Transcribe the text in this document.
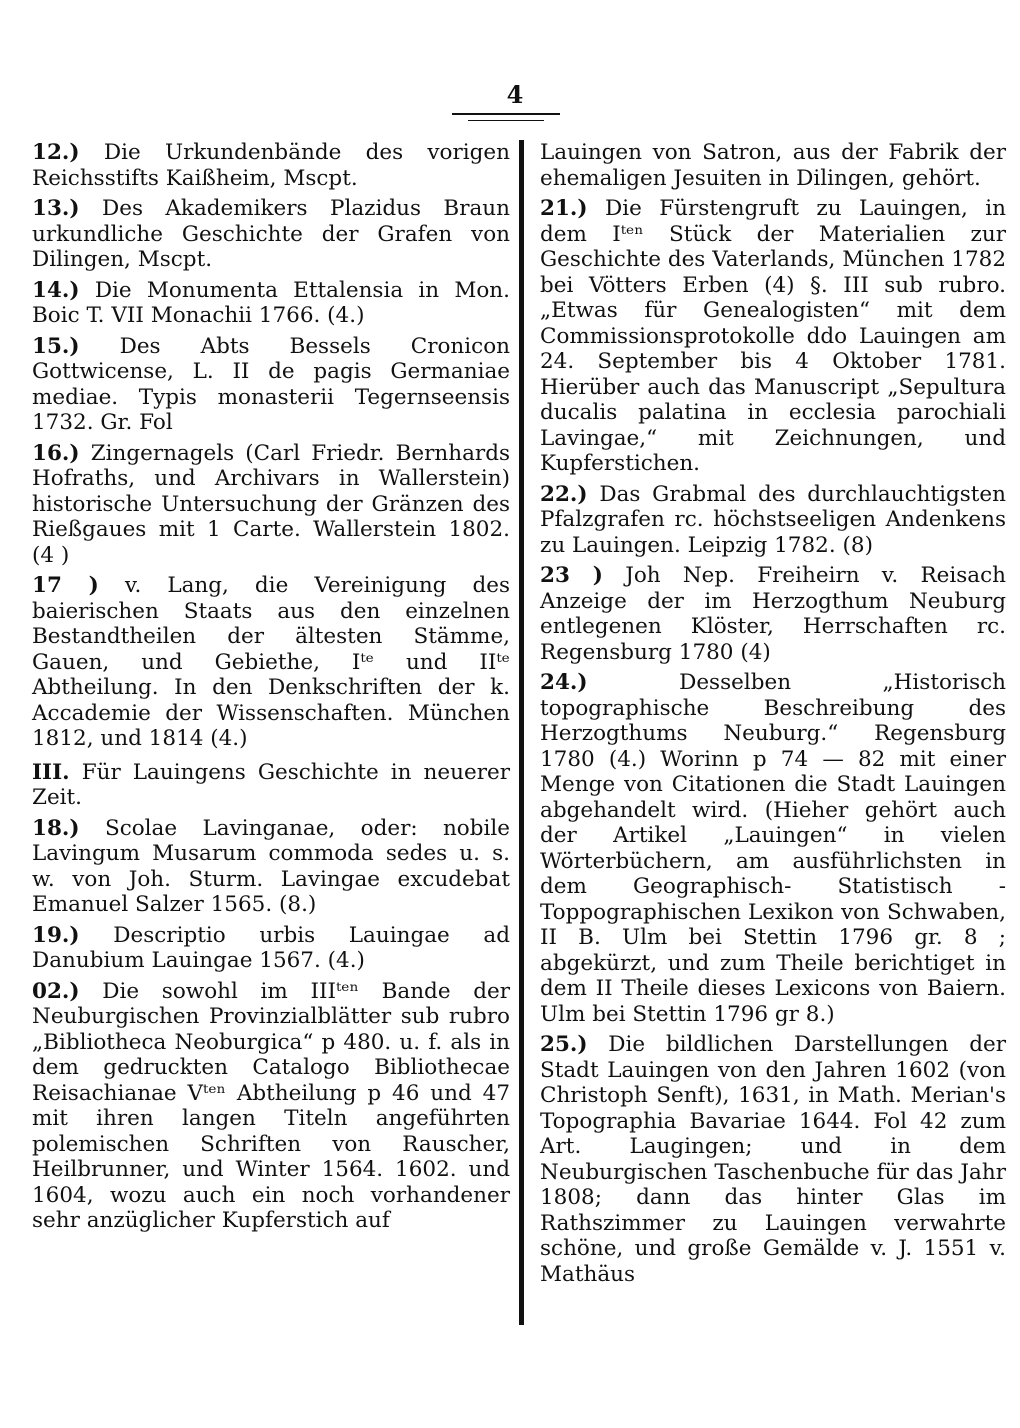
4

12.) Die Urkundenbände des vorigen Reichsstifts Kaißheim, Mscpt.

13.) Des Akademikers Plazidus Braun urkundliche Geschichte der Grafen von Dilingen, Mscpt.

14.) Die Monumenta Ettalensia in Mon. Boic T. VII Monachii 1766. (4.)

15.) Des Abts Bessels Cronicon Gottwicense, L. II de pagis Germaniae mediae. Typis monasterii Tegernseensis 1732. Gr. Fol

16.) Zingernagels (Carl Friedr. Bernhards Hofraths, und Archivars in Wallerstein) historische Untersuchung der Gränzen des Rießgaues mit 1 Carte. Wallerstein 1802. (4 )

17 ) v. Lang, die Vereinigung des baierischen Staats aus den einzelnen Bestandtheilen der ältesten Stämme, Gauen, und Gebiethe, Iᵗᵉ und IIᵗᵉ Abtheilung. In den Denkschriften der k. Accademie der Wissenschaften. München 1812, und 1814 (4.)

III. Für Lauingens Geschichte in neuerer Zeit.

18.) Scolae Lavinganae, oder: nobile Lavingum Musarum commoda sedes u. s. w. von Joh. Sturm. Lavingae excudebat Emanuel Salzer 1565. (8.)

19.) Descriptio urbis Lauingae ad Danubium Lauingae 1567. (4.)

02.) Die sowohl im IIIᵗᵉⁿ Bande der Neuburgischen Provinzialblätter sub rubro „Bibliotheca Neoburgica“ p 480. u. f. als in dem gedruckten Catalogo Bibliothecae Reisachianae Vᵗᵉⁿ Abtheilung p 46 und 47 mit ihren langen Titeln angeführten polemischen Schriften von Rauscher, Heilbrunner, und Winter 1564. 1602. und 1604, wozu auch ein noch vorhandener sehr anzüglicher Kupferstich auf

Lauingen von Satron, aus der Fabrik der ehemaligen Jesuiten in Dilingen, gehört.

21.) Die Fürstengruft zu Lauingen, in dem Iᵗᵉⁿ Stück der Materialien zur Geschichte des Vaterlands, München 1782 bei Vötters Erben (4) §. III sub rubro. „Etwas für Genealogisten“ mit dem Commissionsprotokolle ddo Lauingen am 24. September bis 4 Oktober 1781. Hierüber auch das Manuscript „Sepultura ducalis palatina in ecclesia parochiali Lavingae,“ mit Zeichnungen, und Kupferstichen.

22.) Das Grabmal des durchlauchtigsten Pfalzgrafen rc. höchstseeligen Andenkens zu Lauingen. Leipzig 1782. (8)

23 ) Joh Nep. Freiheirn v. Reisach Anzeige der im Herzogthum Neuburg entlegenen Klöster, Herrschaften rc. Regensburg 1780 (4)

24.)	Desselben „Historisch topographische Beschreibung des Herzogthums Neuburg.“ Regensburg 1780 (4.) Worinn p 74 — 82 mit einer Menge von Citationen die Stadt Lauingen abgehandelt wird. (Hieher gehört auch der Artikel „Lauingen“ in vielen Wörterbüchern, am ausführlichsten in dem Geographisch- Statistisch - Toppographischen Lexikon von Schwaben, II B. Ulm bei Stettin 1796 gr. 8 ; abgekürzt, und zum Theile berichtiget in dem II Theile dieses Lexicons von Baiern. Ulm bei Stettin 1796 gr 8.)

25.) Die bildlichen Darstellungen der Stadt Lauingen von den Jahren 1602 (von Christoph Senft), 1631, in Math. Merian's Topographia Bavariae 1644. Fol 42 zum Art. Laugingen; und in dem Neuburgischen Taschenbuche für das Jahr 1808; dann das hinter Glas im Rathszimmer zu Lauingen verwahrte schöne, und große Gemälde v. J. 1551 v. Mathäus
